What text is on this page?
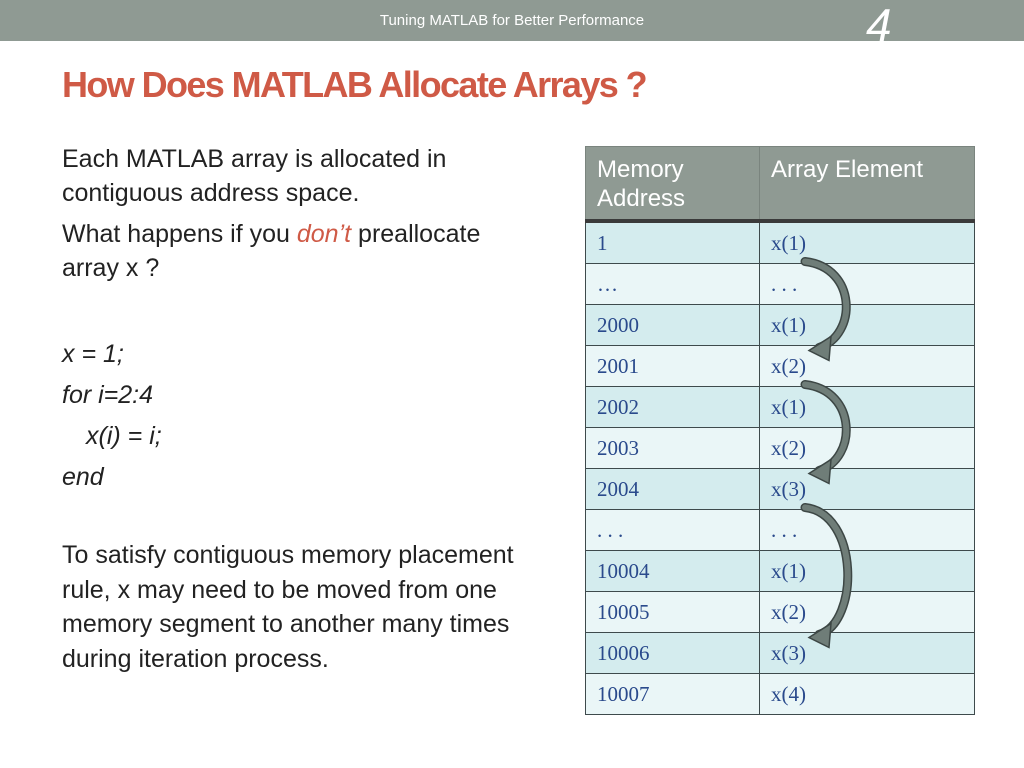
Tuning MATLAB for Better Performance	4
How Does MATLAB Allocate Arrays ?

Each MATLAB array is allocated in contiguous address space.

What happens if you don’t preallocate array x ?

x = 1;
for i=2:4
x(i) = i;
end
To satisfy contiguous memory placement rule, x may need to be moved from one memory segment to another many times during iteration process.
Memory Address	Array Element
1	x(1)
…	. . .
2000	x(1)
2001	x(2)
2002	x(1)
2003	x(2)
2004	x(3)
. . .	. . .
10004	x(1)
10005	x(2)
10006	x(3)
10007	x(4)
